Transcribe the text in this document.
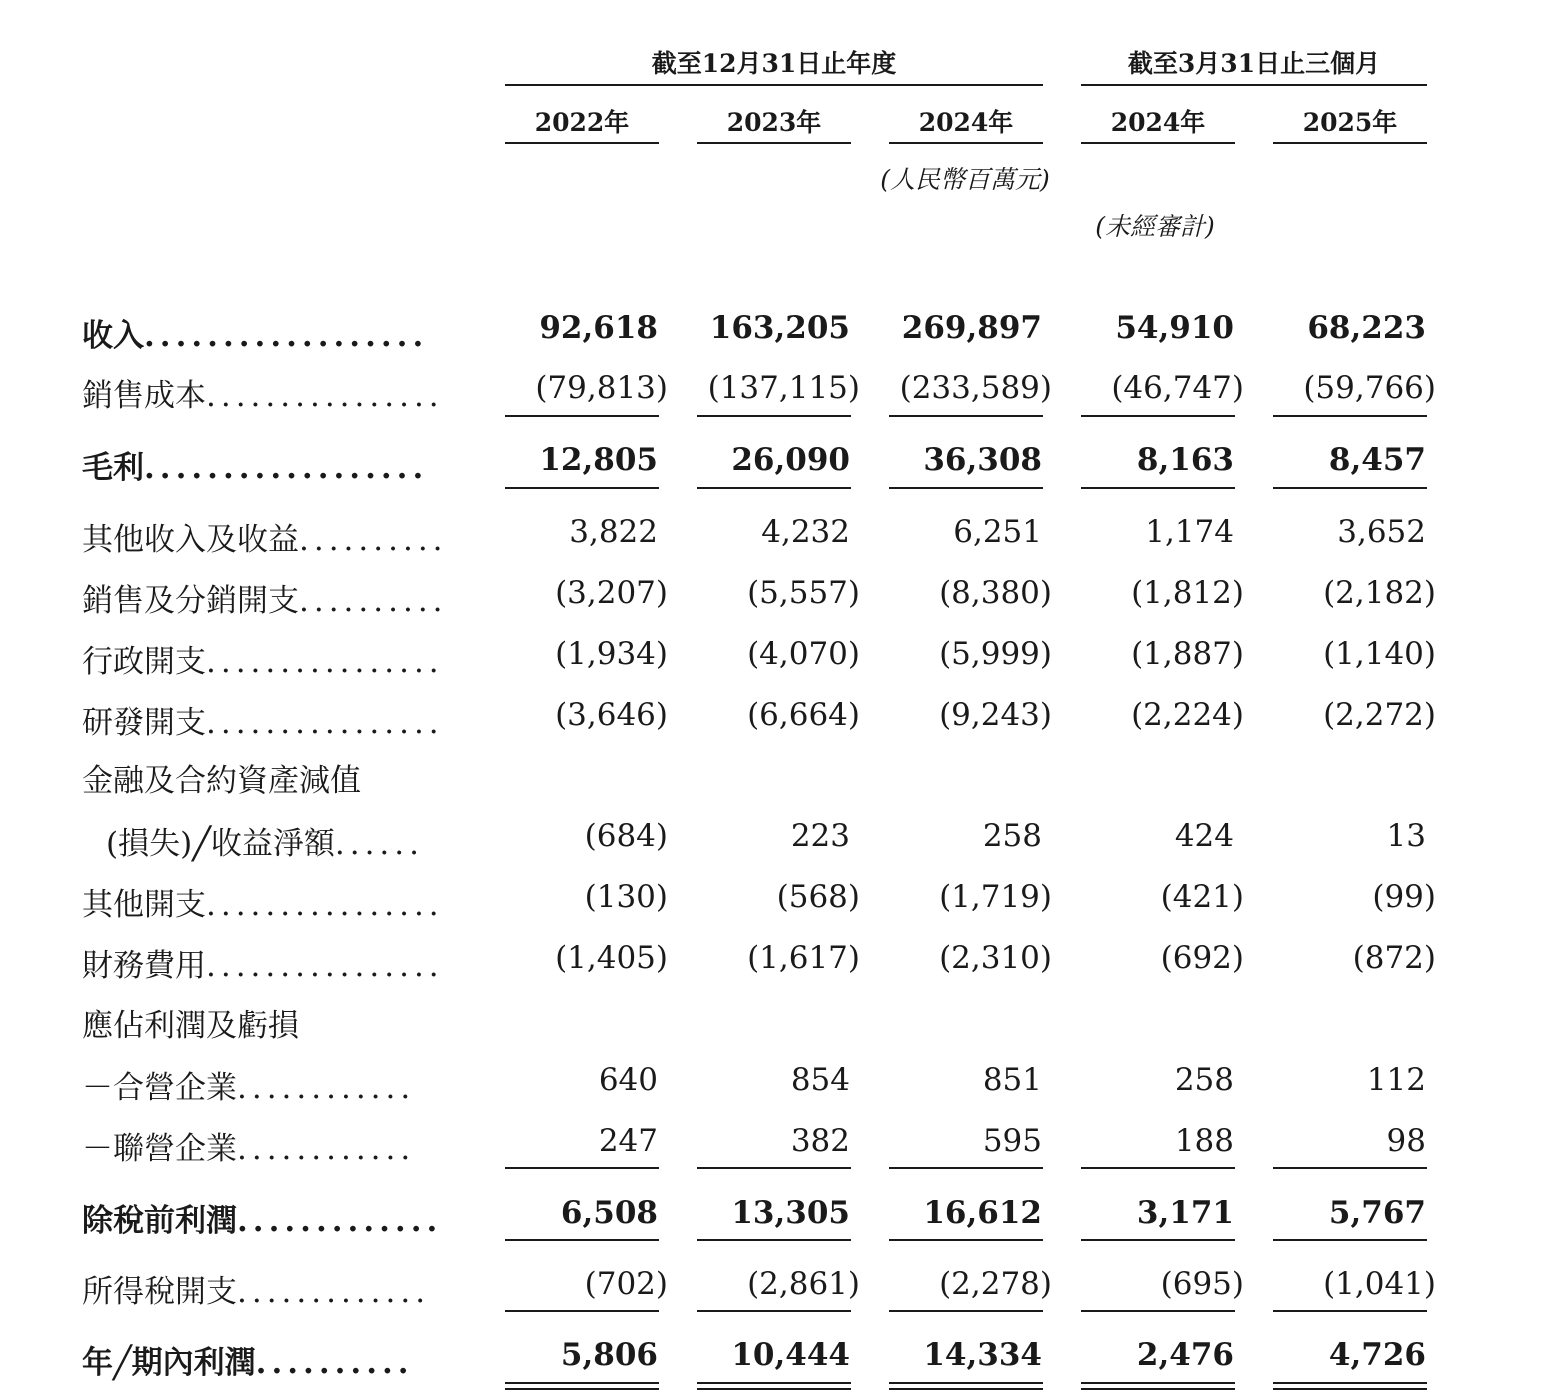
截至12月31日止年度	截至3月31日止三個月
2022年	2023年	2024年	2024年	2025年
(人民幣百萬元)
(未經審計)
收入..................	92,618 163,205 269,897 54,910 68,223
銷售成本................	(79,813) (137,115) (233,589) (46,747) (59,766)
毛利..................	12,805 26,090 36,308	8,163	8,457
其他收入及收益..........	3,822	4,232	6,251	1,174	3,652
銷售及分銷開支..........	(3,207)	(5,557)	(8,380)	(1,812)	(2,182)
行政開支................	(1,934)	(4,070)	(5,999)	(1,887)	(1,140)
研發開支................	(3,646)	(6,664)	(9,243)	(2,224)	(2,272)
金融及合約資產減值
(損失)╱收益淨額......	(684)	223	258	424	13
其他開支................	(130)	(568)	(1,719)	(421)	(99)
財務費用................	(1,405)	(1,617)	(2,310)	(692)	(872)
應佔利潤及虧損
－合營企業............	640	854	851	258	112
－聯營企業............	247	382	595	188	98
除稅前利潤.............	6,508 13,305 16,612	3,171	5,767
所得稅開支.............	(702)	(2,861)	(2,278)	(695)	(1,041)
年╱期內利潤..........	5,806 10,444 14,334	2,476	4,726
